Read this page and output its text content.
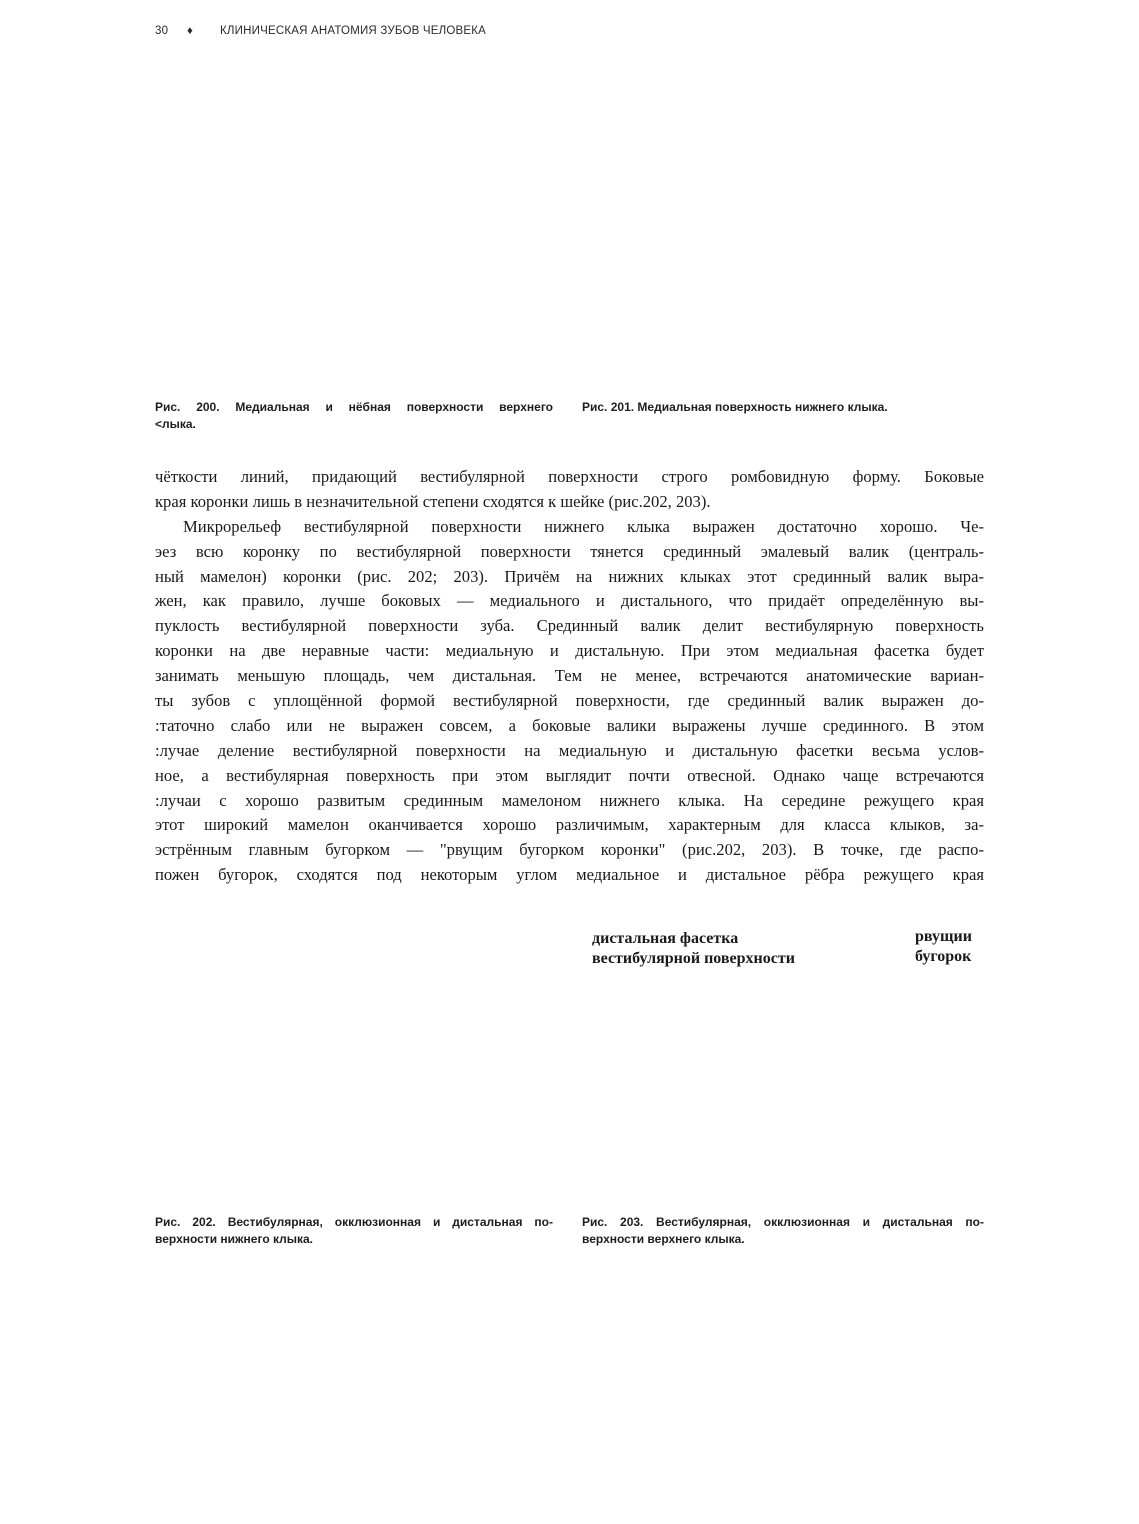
30 ♦ КЛИНИЧЕСКАЯ АНАТОМИЯ ЗУБОВ ЧЕЛОВЕКА
Рис. 200. Медиальная и нёбная поверхности верхнего
<лыка.
Рис. 201. Медиальная поверхность нижнего клыка.
чёткости линий, придающий вестибулярной поверхности строго ромбовидную форму. Боковые
края коронки лишь в незначительной степени сходятся к шейке (рис.202, 203).
Микрорельеф вестибулярной поверхности нижнего клыка выражен достаточно хорошо. Че-
эез всю коронку по вестибулярной поверхности тянется срединный эмалевый валик (централь-
ный мамелон) коронки (рис. 202; 203). Причём на нижних клыках этот срединный валик выра-
жен, как правило, лучше боковых — медиального и дистального, что придаёт определённую вы-
пуклость вестибулярной поверхности зуба. Срединный валик делит вестибулярную поверхность
коронки на две неравные части: медиальную и дистальную. При этом медиальная фасетка будет
занимать меньшую площадь, чем дистальная. Тем не менее, встречаются анатомические вариан-
ты зубов с уплощённой формой вестибулярной поверхности, где срединный валик выражен до-
:таточно слабо или не выражен совсем, а боковые валики выражены лучше срединного. В этом
:лучае деление вестибулярной поверхности на медиальную и дистальную фасетки весьма услов-
ное, а вестибулярная поверхность при этом выглядит почти отвесной. Однако чаще встречаются
:лучаи с хорошо развитым срединным мамелоном нижнего клыка. На середине режущего края
этот широкий мамелон оканчивается хорошо различимым, характерным для класса клыков, за-
эстрённым главным бугорком — "рвущим бугорком коронки" (рис.202, 203). В точке, где распо-
пожен бугорок, сходятся под некоторым углом медиальное и дистальное рёбра режущего края
дистальная фасетка
вестибулярной поверхности
рвущии
бугорок
Рис. 202. Вестибулярная, окклюзионная и дистальная по-
верхности нижнего клыка.
Рис. 203. Вестибулярная, окклюзионная и дистальная по-
верхности верхнего клыка.
